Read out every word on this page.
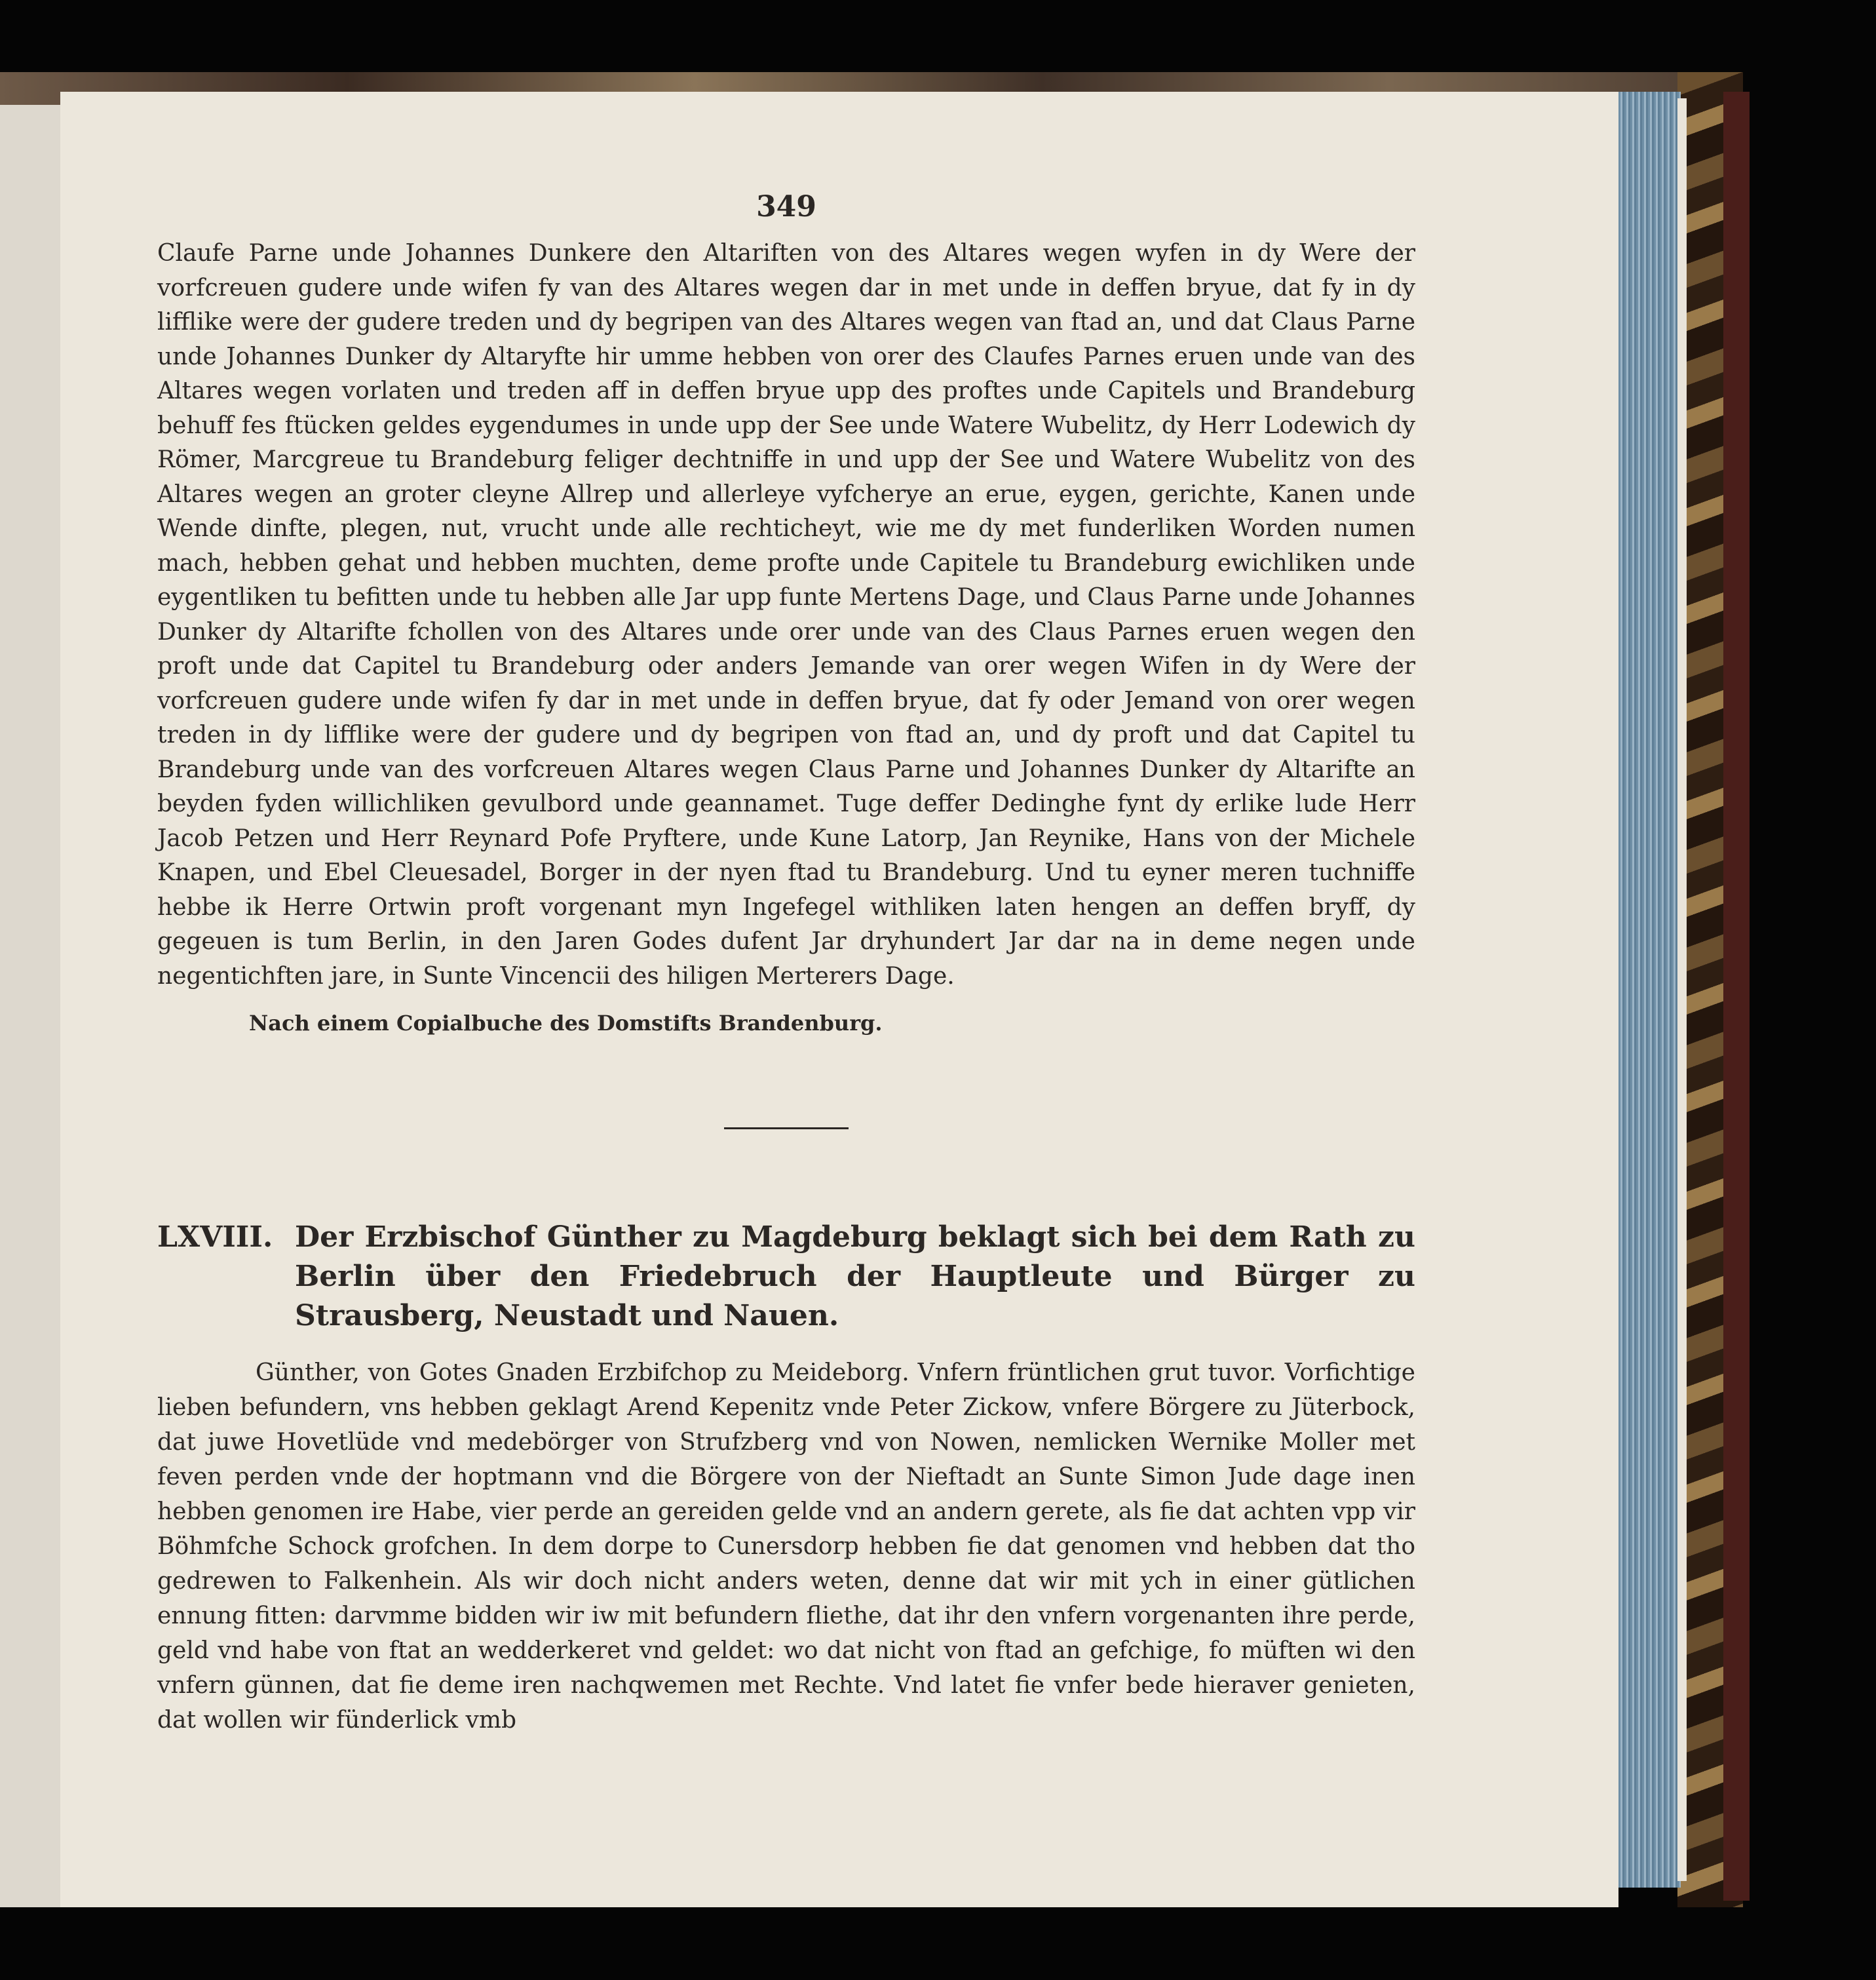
349

Claufe Parne unde Johannes Dunkere den Altariften von des Altares wegen wyfen in dy Were der vorfcreuen gudere unde wifen fy van des Altares wegen dar in met unde in deffen bryue, dat fy in dy lifflike were der gudere treden und dy begripen van des Altares wegen van ftad an, und dat Claus Parne unde Johannes Dunker dy Altaryfte hir umme hebben von orer des Claufes Parnes eruen unde van des Altares wegen vorlaten und treden aff in deffen bryue upp des proftes unde Capitels und Brandeburg behuff fes ftücken geldes eygendumes in unde upp der See unde Watere Wubelitz, dy Herr Lodewich dy Römer, Marcgreue tu Brandeburg feliger dechtniffe in und upp der See und Watere Wubelitz von des Altares wegen an groter cleyne Allrep und allerleye vyfcherye an erue, eygen, gerichte, Kanen unde Wende dinfte, plegen, nut, vrucht unde alle rechticheyt, wie me dy met funderliken Worden numen mach, hebben gehat und hebben muchten, deme profte unde Capitele tu Brandeburg ewichliken unde eygentliken tu befitten unde tu hebben alle Jar upp funte Mertens Dage, und Claus Parne unde Johannes Dunker dy Altarifte fchollen von des Altares unde orer unde van des Claus Parnes eruen wegen den proft unde dat Capitel tu Brandeburg oder anders Jemande van orer wegen Wifen in dy Were der vorfcreuen gudere unde wifen fy dar in met unde in deffen bryue, dat fy oder Jemand von orer wegen treden in dy lifflike were der gudere und dy begripen von ftad an, und dy proft und dat Capitel tu Brandeburg unde van des vorfcreuen Altares wegen Claus Parne und Johannes Dunker dy Altarifte an beyden fyden willichliken gevulbord unde geannamet. Tuge deffer Dedinghe fynt dy erlike lude Herr Jacob Petzen und Herr Reynard Pofe Pryftere, unde Kune Latorp, Jan Reynike, Hans von der Michele Knapen, und Ebel Cleuesadel, Borger in der nyen ftad tu Brandeburg. Und tu eyner meren tuchniffe hebbe ik Herre Ortwin proft vorgenant myn Ingefegel withliken laten hengen an deffen bryff, dy gegeuen is tum Berlin, in den Jaren Godes dufent Jar dryhundert Jar dar na in deme negen unde negentichften jare, in Sunte Vincencii des hiligen Merterers Dage.

Nach einem Copialbuche des Domstifts Brandenburg.
LXVIII. Der Erzbischof Günther zu Magdeburg beklagt sich bei dem Rath zu Berlin über den Friedebruch der Hauptleute und Bürger zu Strausberg, Neustadt und Nauen.

Günther, von Gotes Gnaden Erzbifchop zu Meideborg. Vnfern früntlichen grut tuvor. Vorfichtige lieben befundern, vns hebben geklagt Arend Kepenitz vnde Peter Zickow, vnfere Börgere zu Jüterbock, dat juwe Hovetlüde vnd medebörger von Strufzberg vnd von Nowen, nemlicken Wernike Moller met feven perden vnde der hoptmann vnd die Börgere von der Nieftadt an Sunte Simon Jude dage inen hebben genomen ire Habe, vier perde an gereiden gelde vnd an andern gerete, als fie dat achten vpp vir Böhmfche Schock grofchen. In dem dorpe to Cunersdorp hebben fie dat genomen vnd hebben dat tho gedrewen to Falkenhein. Als wir doch nicht anders weten, denne dat wir mit ych in einer gütlichen ennung fitten: darvmme bidden wir iw mit befundern fliethe, dat ihr den vnfern vorgenanten ihre perde, geld vnd habe von ftat an wedderkeret vnd geldet: wo dat nicht von ftad an gefchige, fo müften wi den vnfern günnen, dat fie deme iren nachqwemen met Rechte. Vnd latet fie vnfer bede hieraver genieten, dat wollen wir fünderlick vmb
